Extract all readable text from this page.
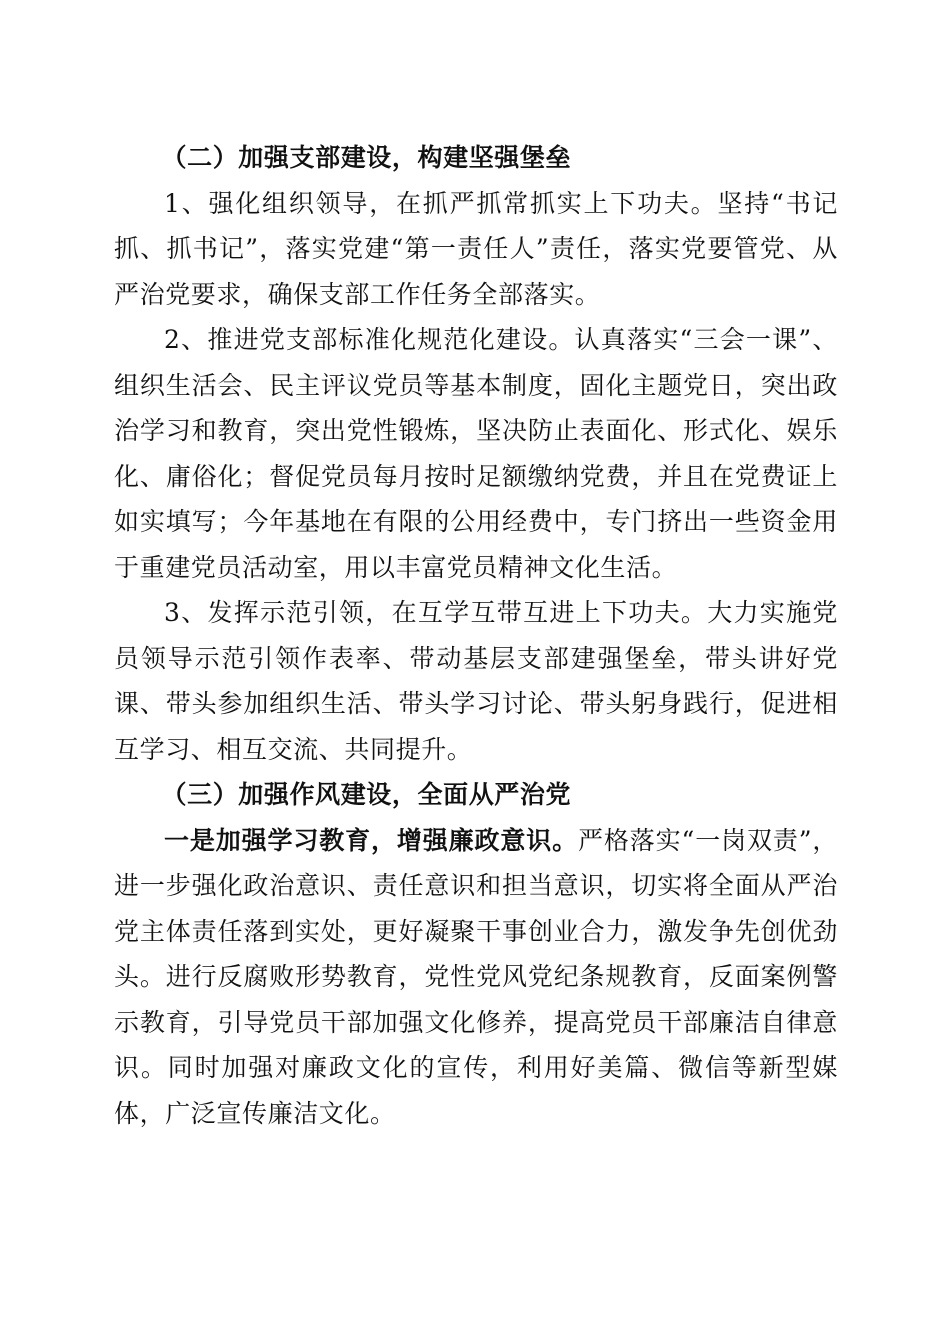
（二）加强支部建设，构建坚强堡垒

1、强化组织领导，在抓严抓常抓实上下功夫。坚持“书记抓、抓书记”，落实党建“第一责任人”责任，落实党要管党、从严治党要求，确保支部工作任务全部落实。

2、推进党支部标准化规范化建设。认真落实“三会一课”、组织生活会、民主评议党员等基本制度，固化主题党日，突出政治学习和教育，突出党性锻炼，坚决防止表面化、形式化、娱乐化、庸俗化；督促党员每月按时足额缴纳党费，并且在党费证上如实填写；今年基地在有限的公用经费中，专门挤出一些资金用于重建党员活动室，用以丰富党员精神文化生活。

3、发挥示范引领，在互学互带互进上下功夫。大力实施党员领导示范引领作表率、带动基层支部建强堡垒，带头讲好党课、带头参加组织生活、带头学习讨论、带头躬身践行，促进相互学习、相互交流、共同提升。

（三）加强作风建设，全面从严治党

一是加强学习教育，增强廉政意识。严格落实“一岗双责”，进一步强化政治意识、责任意识和担当意识，切实将全面从严治党主体责任落到实处，更好凝聚干事创业合力，激发争先创优劲头。进行反腐败形势教育，党性党风党纪条规教育，反面案例警示教育，引导党员干部加强文化修养，提高党员干部廉洁自律意识。同时加强对廉政文化的宣传，利用好美篇、微信等新型媒体，广泛宣传廉洁文化。
